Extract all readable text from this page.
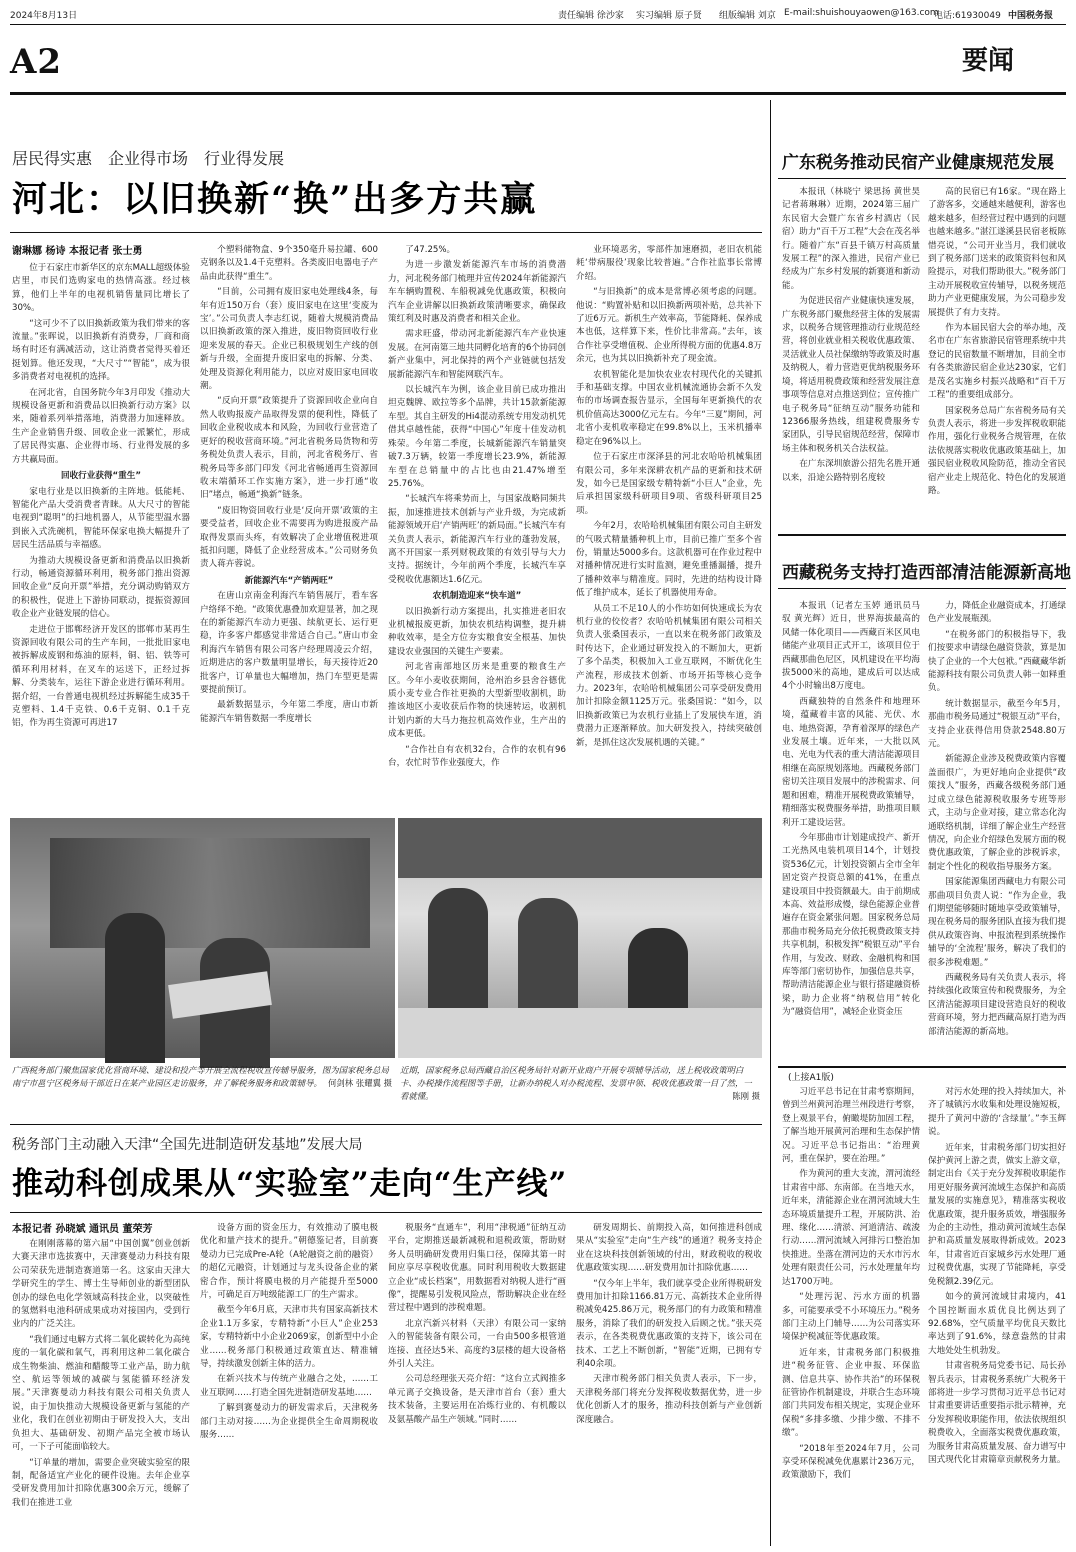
2024年8月13日	责任编辑 徐沙家 实习编辑 原子贤 组版编辑 刘京 E-mail:shuishouyaowen@163.com
电话:61930049 中国税务报
A2	要闻
居民得实惠　企业得市场　行业得发展
河北：以旧换新“换”出多方共赢
谢琳娜 杨诗 本报记者 张士勇

位于石家庄市新华区的京东MALL超级体验店里，市民们选购家电的热情高涨。经过核算，他们上半年的电视机销售量同比增长了30%。

“这可少不了以旧换新政策为我们带来的客流量。”张晖说，以旧换新有消费券，厂商和商场有时还有满减活动，这让消费者觉得买着还挺划算。他还发现，“大尺寸”“智能”，成为很多消费者对电视机的选择。

在河北省，自国务院今年3月印发《推动大规模设备更新和消费品以旧换新行动方案》以来，随着系列举措落地，消费潜力加速释放。生产企业销售升级、回收企业一派繁忙，形成了居民得实惠、企业得市场、行业得发展的多方共赢局面。

回收行业获得“重生”

家电行业是以旧换新的主阵地。低能耗、智能化产品大受消费者青睐。从大尺寸的智能电视到“聪明”的扫地机器人，从节能型温水器到嵌入式洗碗机，智能环保家电换大幅提升了居民生活品质与幸福感。

为推动大规模设备更新和消费品以旧换新行动，畅通资源循环利用，税务部门推出资源回收企业“反向开票”举措，充分调动购销双方的积极性，促进上下游协同联动，提振资源回收企业产业链发展的信心。

走进位于邯郸经济开发区的邯郸市某再生资源回收有限公司的生产车间，一批批旧家电被拆解成废钢和炼油的原料，铜、铝、铁等可循环利用材料，在叉车的运送下，正经过拆解、分类装车，运往下游企业进行循环利用。据介绍，一台普通电视机经过拆解能生成35千克塑料、1.4千克铁、0.6千克铜、0.1千克铝，作为再生资源可再进17

个塑料储物盒、9个350毫升易拉罐、600克钢条以及1.4千克塑料。各类废旧电器电子产品由此获得“重生”。

“目前，公司拥有废旧家电处理线4条，每年有近150万台（套）废旧家电在这里‘变废为宝’。”公司负责人李志红说，随着大规模消费品以旧换新政策的深入推进，废旧物资回收行业迎来发展的春天。企业已积极规划生产线的创新与升级，全面提升废旧家电的拆解、分类、处理及资源化利用能力，以应对废旧家电回收潮。

“反向开票”政策提升了资源回收企业向自然人收购报废产品取得发票的便利性，降低了回收企业税收成本和风险，为回收行业营造了更好的税收营商环境。”河北省税务局货物和劳务税处负责人表示，目前，河北省税务厅、省税务局等多部门印发《河北省畅通再生资源回收末端循环工作实施方案》，进一步打通“收旧”堵点，畅通“换新”链条。

“废旧物资回收行业是‘反向开票’政策的主要受益者，回收企业不需要再为购进报废产品取得发票而头疼，有效解决了企业增值税进项抵扣问题，降低了企业经营成本。”公司财务负责人蒋卉蓉说。

新能源汽车“产销两旺”

在唐山京南金利海汽车销售展厅，看车客户络绎不绝。“政策优惠叠加欢迎显著，加之现在的新能源汽车动力更强、续航更长、运行更稳，许多客户都感觉非常适合自己。”唐山市金利海汽车销售有限公司客户经理周凌云介绍，近期进店的客户数量明显增长，每天接待近20批客户，订单量也大幅增加，热门车型更是需要提前预订。

最新数据显示，今年第二季度，唐山市新能源汽车销售数据一季度增长

了47.25%。

为进一步激发新能源汽车市场的消费潜力，河北税务部门梳理并宣传2024年新能源汽车车辆购置税、车船税减免优惠政策，积极向汽车企业讲解以旧换新政策清晰要求，确保政策红利及时惠及消费者和相关企业。

需求旺盛，带动河北新能源汽车产业快速发展。在河南第三地共同孵化培育的6个协同创新产业集中，河北保持的两个产业链就包括发展新能源汽车和智能网联汽车。

以长城汽车为例，该企业目前已成功推出坦克魏牌、欧拉等多个品牌，共计15款新能源车型。其自主研发的Hi4混动系统专用发动机凭借其卓越性能，获得“中国心”年度十佳发动机殊荣。今年第二季度，长城新能源汽车销量突破7.3万辆，较第一季度增长23.9%，新能源车型在总销量中的占比也由21.47%增至25.76%。

“长城汽车将乘势而上，与国家战略同频共振，加速推进技术创新与产业升级，为完成新能源领域开启‘产销两旺’的新局面。”长城汽车有关负责人表示，新能源汽车行业的蓬勃发展，离不开国家一系列财税政策的有效引导与大力支持。据统计，今年前两个季度，长城汽车享受税收优惠额达1.6亿元。

农机制造迎来“快车道”

以旧换新行动方案提出，扎实推进老旧农业机械报废更新，加快农机结构调整，提升耕种收效率，是全方位夯实粮食安全根基、加快建设农业强国的关键生产要素。

河北省南部地区历来是重要的粮食生产区。今年小麦收获期间，沧州治乡县舍谷德优质小麦专业合作社更换的大型新型收割机，助推该地区小麦收获后作物的快速转运，收割机计划内新的大马力拖拉机高效作业，生产出的成本更低。

“合作社自有农机32台，合作的农机有96台，农忙时节作业强度大，作

业环境恶劣，零部件加速磨损，老旧农机能耗‘带病服役’现象比较普遍。”合作社监事长常博介绍。

“与旧换新”的成本是常博必须考虑的问题。他说：“购置补贴和以旧换新两项补贴，总共补下了近6万元。新机生产效率高，节能降耗、保养成本也低，这样算下来，性价比非常高。”去年，该合作社享受增值税、企业所得税方面的优惠4.8万余元，也为其以旧换新补充了现金流。

农机智能化是加快农业农村现代化的关键抓手和基础支撑。中国农业机械流通协会新不久发布的市场调查报告显示，全国每年更新换代的农机价值高达3000亿元左右。今年“三夏”期间，河北省小麦机收率稳定在99.8%以上，玉米机播率稳定在96%以上。

位于石家庄市深泽县的河北农哈哈机械集团有限公司，多年来深耕农机产品的更新和技术研发，如今已是国家级专精特新“小巨人”企业，先后承担国家级科研项目9项、省级科研项目25项。

今年2月，农哈哈机械集团有限公司自主研发的气吸式精量播种机上市，目前已推广至多个省份，销量达5000多台。这款机器可在作业过程中对播种情况进行实时监测，避免重播漏播，提升了播种效率与精准度。同时，先进的结构设计降低了维护成本，延长了机器使用寿命。

从员工不足10人的小作坊如何快速成长为农机行业的佼佼者？农哈哈机械集团有限公司相关负责人张桑国表示，一直以来在税务部门政策及时传达下，企业通过研发投入的不断加大，更新了多个品类，积极加入工业互联网，不断优化生产流程，形成技术创新、市场开拓等核心竞争力。2023年，农哈哈机械集团公司享受研发费用加计扣除金额1125万元。张桑国说：“如今，以旧换新政策已为农机行业插上了发展快车道，消费潜力正逐渐释放。加大研发投入，持续突破创新，是抓住这次发展机遇的关键。”

广西税务部门聚焦国家优化营商环境、建设和投产等开展全流程税收宣传辅导服务，图为国家税务总局南宁市邕宁区税务局干部近日在某产业园区走访服务，并了解税务服务和政策辅导。 何剑林 张耀翼 摄
近期，国家税务总局西藏自治区税务局针对新开业商户开展专项辅导活动，送上税收政策明白卡、办税操作流程图等手册，让新办纳税人对办税流程、发票申领、税收优惠政策一目了然，一看就懂。	陈刚 摄
税务部门主动融入天津“全国先进制造研发基地”发展大局
推动科创成果从“实验室”走向“生产线”
本报记者 孙晓斌 通讯员 董荣芳

在刚刚落幕的第六届“中国创翼”创业创新大赛天津市选拔赛中，天津赛曼动力科技有限公司荣获先进制造赛道第一名。这家由天津大学研究生的学生、博士生导师创业的新型团队创办的绿色电化学领域高科技企业，以突破性的氢燃料电池科研成果成功对接国内，受到行业内的广泛关注。

“我们通过电解方式将二氧化碳转化为高纯度的一氧化碳和氧气，再利用这种二氧化碳合成生物柴油、燃油和醋酸等工业产品，助力航空、航运等领域的减碳与氢能循环经济发展。”天津赛曼动力科技有限公司相关负责人说，由于加快推动大规模设备更新与氢能的产业化，我们在创业初期由于研发投入大，支出负担大、基础研发、初期产品完全被市场认可，一下子可能面临较大。

“订单量的增加，需要企业突破实验室的限制，配备适宜产业化的硬件设施。去年企业享受研发费用加计扣除优惠300余万元，缓解了我们在推进工业

设备方面的资金压力，有效推动了膜电极优化和量产技术的提升。”朝德鉴记者，目前赛曼动力已完成Pre-A轮（A轮融资之前的融资）的超亿元融资，计划通过与龙头设备企业的紧密合作，预计将膜电极的月产能提升至5000片，可确足百万吨级能源工厂的生产需求。

截至今年6月底，天津市共有国家高新技术企业1.1万多家，专精特新“小巨人”企业253家，专精特新中小企业2069家，创新型中小企业……税务部门积极通过政策直达、精准辅导，持续激发创新主体的活力。

在新兴技术与传统产业融合之处，……工业互联网……打造全国先进制造研发基地……

了解到赛曼动力的研发需求后，天津税务部门主动对接……为企业提供全生命周期税收服务……

税服务“直通车”，利用“津税通”征纳互动平台，定期推送最新减税和退税政策，帮助财务人员明确研发费用归集口径，保障其第一时间应享尽享税收优惠。同时利用税收大数据建立企业“成长档案”，用数据看对纳税人进行“画像”，提醒易引发税风险点，帮助解决企业在经营过程中遇到的涉税难题。

北京汽新兴材料（天津）有限公司一家纳入的智能装备有限公司，一台由500多根管道连接、直径达5米、高度约3层楼的超大设备格外引人关注。

公司总经理张天亮介绍：“这台立式阀推多单元离子交换设备，是天津市首台（套）重大技术装备，主要运用在冶炼行业的、有机酸以及氨基酸产品生产领域。”同时……

研发周期长、前期投入高，如何推进科创成果从“实验室”走向“生产线”的通道？税务支持企业在这块科技创新领域的付出，财政税收的税收优惠政策实现……研发费用加计扣除优惠……

“仅今年上半年，我们就享受企业所得税研发费用加计扣除1166.81万元、高新技术企业所得税减免425.86万元，税务部门的有力政策和精准服务，消除了我们的研发投入后顾之忧。”张天亮表示，在各类税费优惠政策的支持下，该公司在技术、工艺上不断创新，“智能”近期，已拥有专利40余项。

天津市税务部门相关负责人表示，下一步，天津税务部门将充分发挥税收数据优势，进一步优化创新人才的服务，推动科技创新与产业创新深度融合。

广东税务推动民宿产业健康规范发展

本报讯（林晓宁 梁思扬 黄世昊 记者蒋琳琳）近期，2024第三届广东民宿大会暨广东省乡村酒店（民宿）助力“百千万工程”大会在茂名举行。随着广东“百县千镇万村高质量发展工程”的深入推进，民宿产业已经成为广东乡村发展的新赛道和新动能。

为促进民宿产业健康快速发展，广东税务部门聚焦经营主体的发展需求，以税务合规管理推动行业规范经营，将创业就业相关税收优惠政策、灵活就业人员社保缴纳等政策及时惠及纳税人，着力营造更优纳税服务环境，将适用税费政策和经营发展注意事项等信息对点推送到位；宣传推广电子税务局“征纳互动”服务功能和12366服务热线，组建税费服务专家团队，引导民宿规范经营，保障市场主体和税务机关合法权益。

在广东深圳旅游公招先名胜开通以来，沿途公路特别名度较

高的民宿已有16家。“现在路上了游客多，交通越来越便利，游客也越来越多，但经营过程中遇到的问题也越来越多。”湛江遂溪县民宿老板陈惜亮说，“公司开业当月，我们就收到了税务部门送来的政策资料包和风险提示，对我们帮助很大。”税务部门主动开展税收宣传辅导，以税务规范助力产业更健康发展，为公司稳步发展提供了有力支持。

作为本届民宿大会的举办地，茂名市在广东省旅游民宿管理系统中共登记的民宿数量不断增加，目前全市有各类旅游民宿企业达230家，它们是茂名实施乡村振兴战略和“百千万工程”的重要组成部分。

国家税务总局广东省税务局有关负责人表示，将进一步发挥税收职能作用，强化行业税务合规管理，在依法依规落实税收优惠政策基础上，加强民宿业税收风险防范，推动全省民宿产业走上规范化、特色化的发展道路。

西藏税务支持打造西部清洁能源新高地

本报讯（记者左玉婷 通讯员马驭 黄光辉）近日，世界海拔最高的风储一体化项目——西藏百米区风电储能产业项目正式开工，该项目位于西藏那曲色尼区，风机建设在平均海拔5000米的高地，建成后可以达成4个小时输出8万度电。

西藏独特的自然条件和地理环境，蕴藏着丰富的风能、光伏、水电、地热资源，孕育着深厚的绿色产业发展土壤。近年来，一大批以风电、光电为代表的重大清洁能源项目相继在高原规划落地。西藏税务部门密切关注项目发展中的涉税需求、问题和困难，精准开展税费政策辅导，精细落实税费服务举措，助推项目顺利开工建设运营。

今年那曲市计划建成投产、新开工光热风电装机项目14个，计划投资536亿元，计划投资额占全市全年固定资产投资总额的41%，在重点建设项目中投资额最大。由于前期成本高、效益形成慢，绿色能源企业普遍存在资金紧张问题。国家税务总局那曲市税务局充分依托税费政策支持共享机制，积极发挥“税银互动”平台作用，与发改、财政、金融机构和国库等部门密切协作，加强信息共享，帮助清洁能源企业与银行搭建融资桥梁，助力企业将“纳税信用”转化为“融资信用”，减轻企业资金压

力，降低企业融资成本，打通绿色产业发展瓶颈。

“在税务部门的积极指导下，我们按要求申请绿色融资贷款，算是加快了企业的一个大包袱。”西藏藏华新能源科技有限公司负责人韩一如释重负。

统计数据显示，截至今年5月，那曲市税务局通过“税银互动”平台，支持企业获得信用贷款2548.80万元。

新能源企业涉及税费政策内容覆盖面很广，为更好地向企业提供“政策找人”服务，西藏各级税务部门通过成立绿色能源税收服务专班等形式，主动与企业对接，建立常态化沟通联络机制，详细了解企业生产经营情况，向企业介绍绿色发展方面的税费优惠政策，了解企业的涉税诉求，制定个性化的税收指导服务方案。

国家能源集团西藏电力有限公司那曲项目负责人说：“作为企业，我们期望能够随时随地享受政策辅导，现在税务局的服务团队直接为我们提供从政策咨询、申报流程到系统操作辅导的‘全流程’服务，解决了我们的很多涉税难题。”

西藏税务局有关负责人表示，将持续强化政策宣传和税费服务，为全区清洁能源项目建设营造良好的税收营商环境，努力把西藏高原打造为西部清洁能源的新高地。

(上接A1版)

习近平总书记在甘肃考察期间，曾到兰州黄河治理兰州段进行考察，登上观景平台，俯瞰堤防加固工程，了解当地开展黄河治理和生态保护情况。习近平总书记指出：“治理黄河，重在保护，要在治理。”

作为黄河的重大支流，渭河流经甘肃省中部、东南部。在当地天水，近年来，清能源企业在渭河流域大生态环境质量提升工程，开展防洪、治理、缘化……清淤、河道清洁、疏浚行动……渭河流域入河排污口整治加快推进。坐落在渭河边的天水市污水处理有限责任公司，污水处理量年均达1700万吨。

“处理污泥、污水方面的机器多，可能要承受不小环境压力。”税务部门主动上门辅导……为公司落实环境保护税减征等优惠政策。

近年来，甘肃税务部门积极推进“税务征管、企业申报、环保监测、信息共享、协作共治”的环保税征管协作机制建设，并联合生态环境部门共同发布相关规定，实现企业环保税“多排多缴、少排少缴、不排不缴”。

“2018年至2024年7月，公司享受环保税减免优惠累计236万元，政策激励下，我们

对污水处理的投入持续加大，补齐了城镇污水收集和处理设施短板，提升了黄河中游的‘含绿量’。”李玉辉说。

近年来，甘肃税务部门切实担好保护黄河上游之责，做实上游文章，制定出台《关于充分发挥税收职能作用更好服务黄河流域生态保护和高质量发展的实施意见》，精准落实税收优惠政策，提升服务质效，增强服务为企的主动性，推动黄河流域生态保护和高质量发展取得新成效。2023年，甘肃省近百家城乡污水处理厂通过税费优惠，实现了节能降耗，享受免税额2.39亿元。

如今的黄河流域甘肃境内，41个国控断面水质优良比例达到了92.68%，空气质量平均优良天数比率达到了91.6%，绿意盎然的甘肃大地处处生机勃发。

甘肃省税务局党委书记、局长孙智兵表示，甘肃税务系统广大税务干部将进一步学习贯彻习近平总书记对甘肃重要讲话重要指示批示精神，充分发挥税收职能作用，依法依规组织税费收入，全面落实税费优惠政策，为服务甘肃高质量发展、奋力谱写中国式现代化甘肃篇章贡献税务力量。
